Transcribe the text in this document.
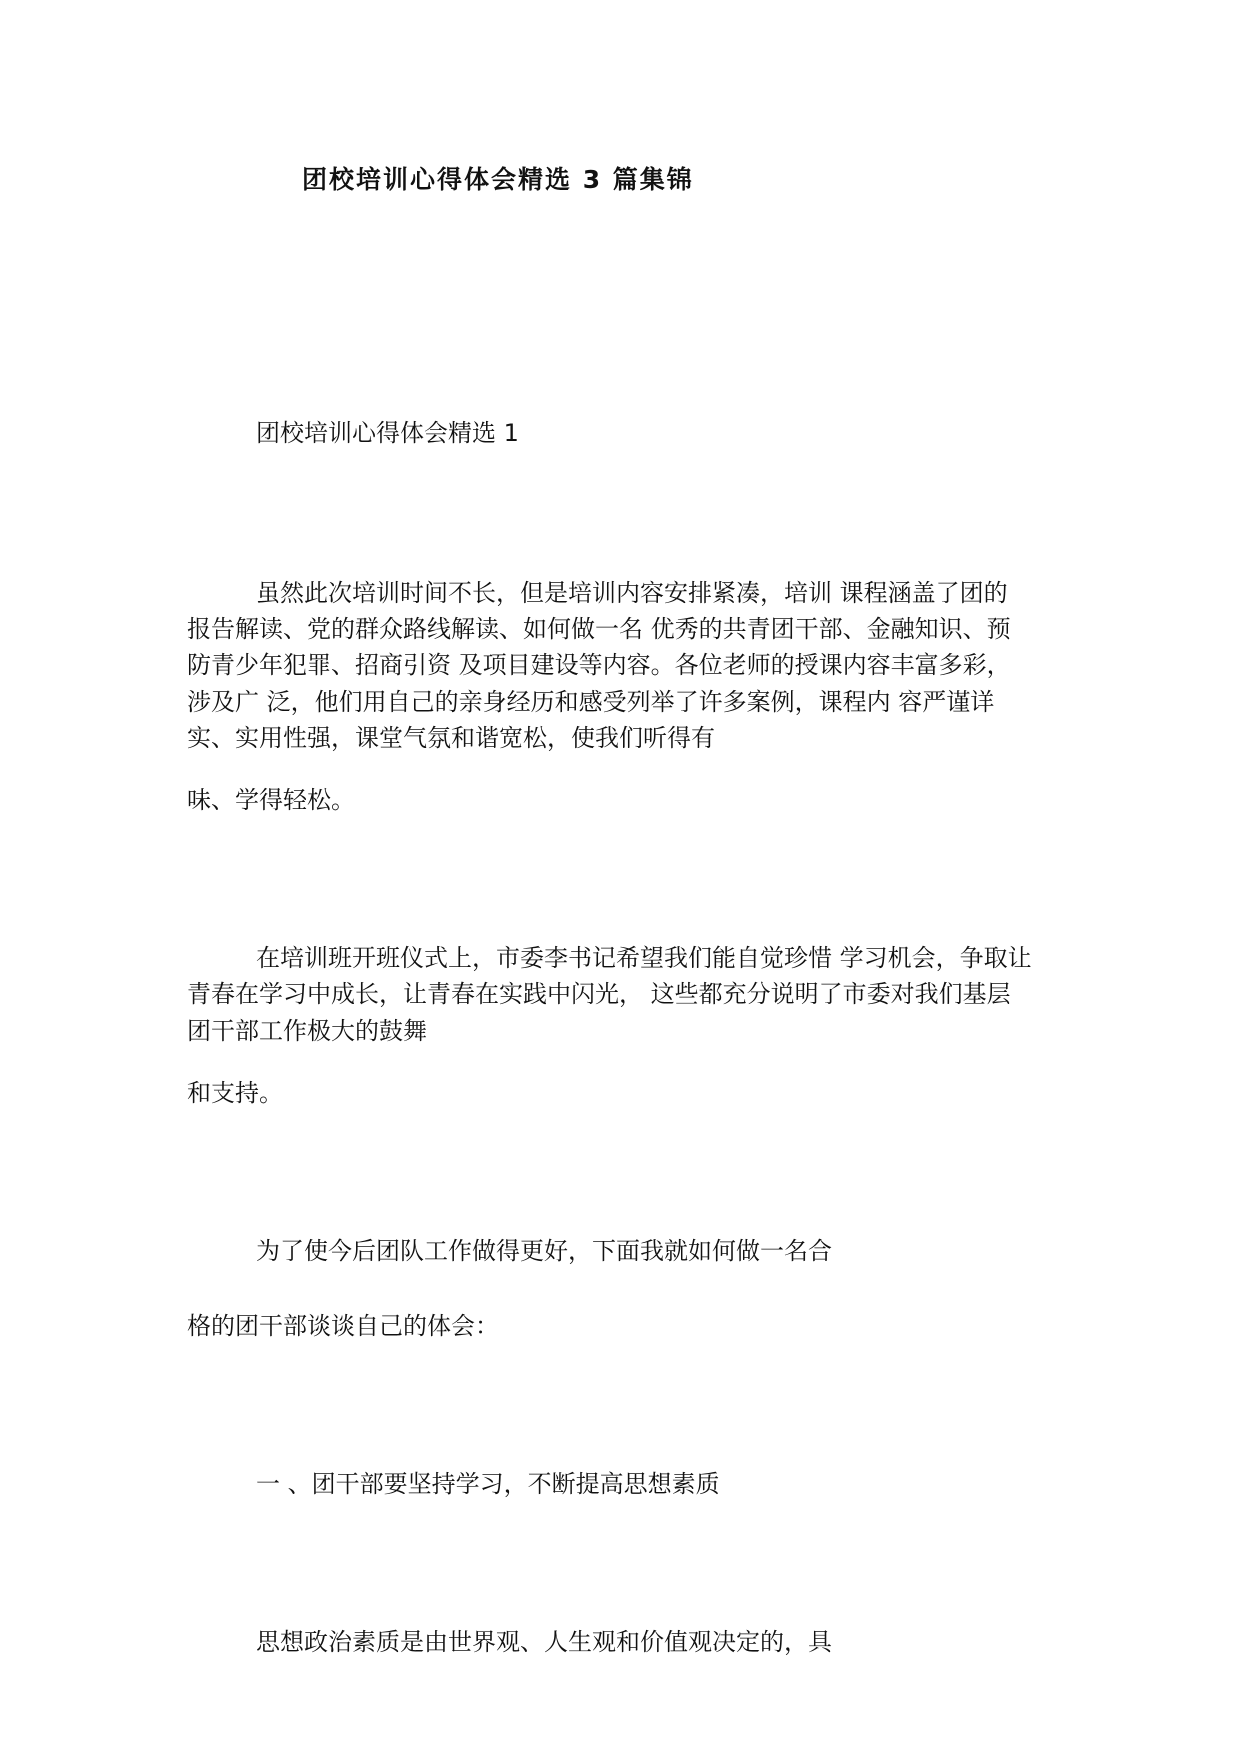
团校培训心得体会精选 3 篇集锦
团校培训心得体会精选 1
虽然此次培训时间不长，但是培训内容安排紧凑，培训 课程涵盖了团的
报告解读、党的群众路线解读、如何做一名 优秀的共青团干部、金融知识、预
防青少年犯罪、招商引资 及项目建设等内容。各位老师的授课内容丰富多彩，
涉及广 泛，他们用自己的亲身经历和感受列举了许多案例，课程内 容严谨详
实、实用性强，课堂气氛和谐宽松，使我们听得有
味、学得轻松。
在培训班开班仪式上，市委李书记希望我们能自觉珍惜 学习机会，争取让
青春在学习中成长，让青春在实践中闪光， 这些都充分说明了市委对我们基层
团干部工作极大的鼓舞
和支持。
为了使今后团队工作做得更好，下面我就如何做一名合
格的团干部谈谈自己的体会：
一 、团干部要坚持学习，不断提高思想素质
思想政治素质是由世界观、人生观和价值观决定的，具
